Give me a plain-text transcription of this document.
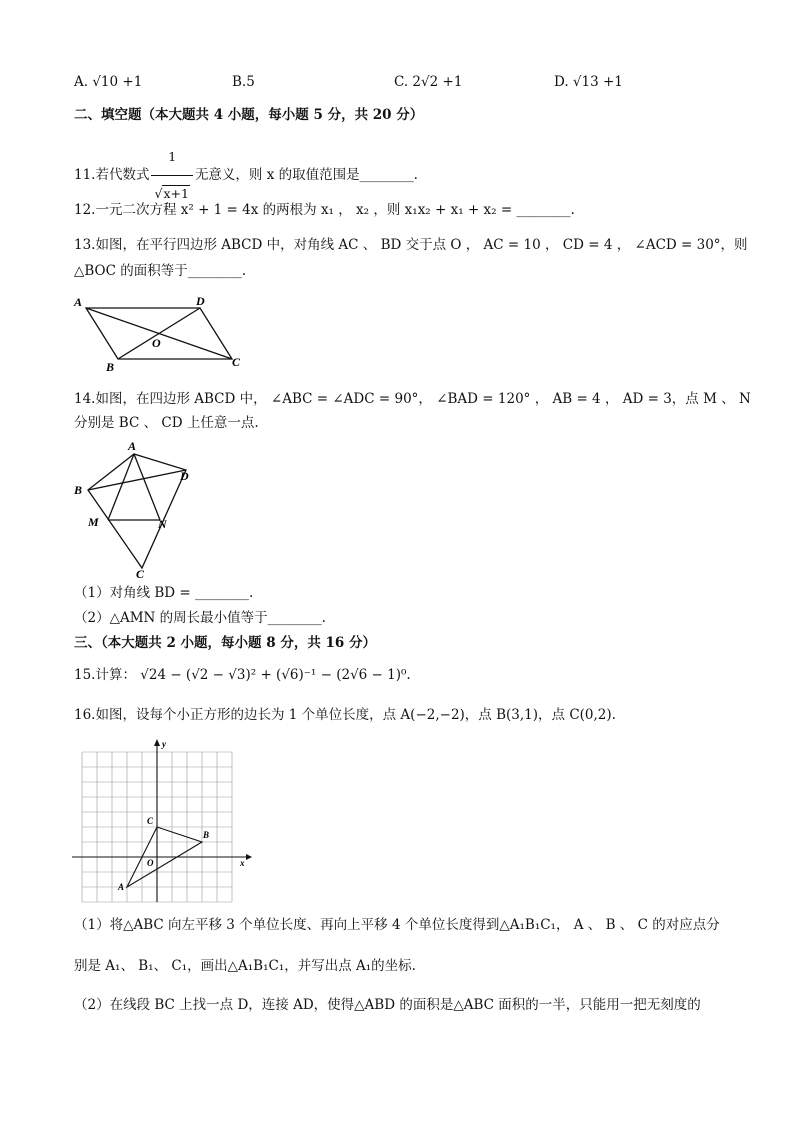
A. √10 +1	B.5	C. 2√2 +1	D. √13 +1
二、填空题（本大题共 4 小题，每小题 5 分，共 20 分）
11.若代数式 $\frac{1}{√x+1}$ 无意义，则 x 的取值范围是________.
12.一元二次方程 x² + 1 = 4x 的两根为 x₁ ， x₂ ，则 x₁x₂ + x₁ + x₂ = ________.
13.如图，在平行四边形 ABCD 中，对角线 AC 、 BD 交于点 O ， AC = 10 ， CD = 4 ， ∠ACD = 30°，则
△BOC 的面积等于________.
A	D
O
B	C
14.如图，在四边形 ABCD 中， ∠ABC = ∠ADC = 90°， ∠BAD = 120° ， AB = 4 ， AD = 3，点 M 、 N
分别是 BC 、 CD 上任意一点.
A
B
D
M	N
C
（1）对角线 BD = ________.
（2）△AMN 的周长最小值等于________.
三、（本大题共 2 小题，每小题 8 分，共 16 分）
15.计算： √24 − (√2 − √3)² + (√6)⁻¹ − (2√6 − 1)⁰.
16.如图，设每个小正方形的边长为 1 个单位长度，点 A(−2,−2)，点 B(3,1)，点 C(0,2).
y
x
O
A
B
C
（1）将△ABC 向左平移 3 个单位长度、再向上平移 4 个单位长度得到△A₁B₁C₁， A 、 B 、 C 的对应点分
别是 A₁、 B₁、 C₁，画出△A₁B₁C₁，并写出点 A₁的坐标.
（2）在线段 BC 上找一点 D，连接 AD，使得△ABD 的面积是△ABC 面积的一半，只能用一把无刻度的
